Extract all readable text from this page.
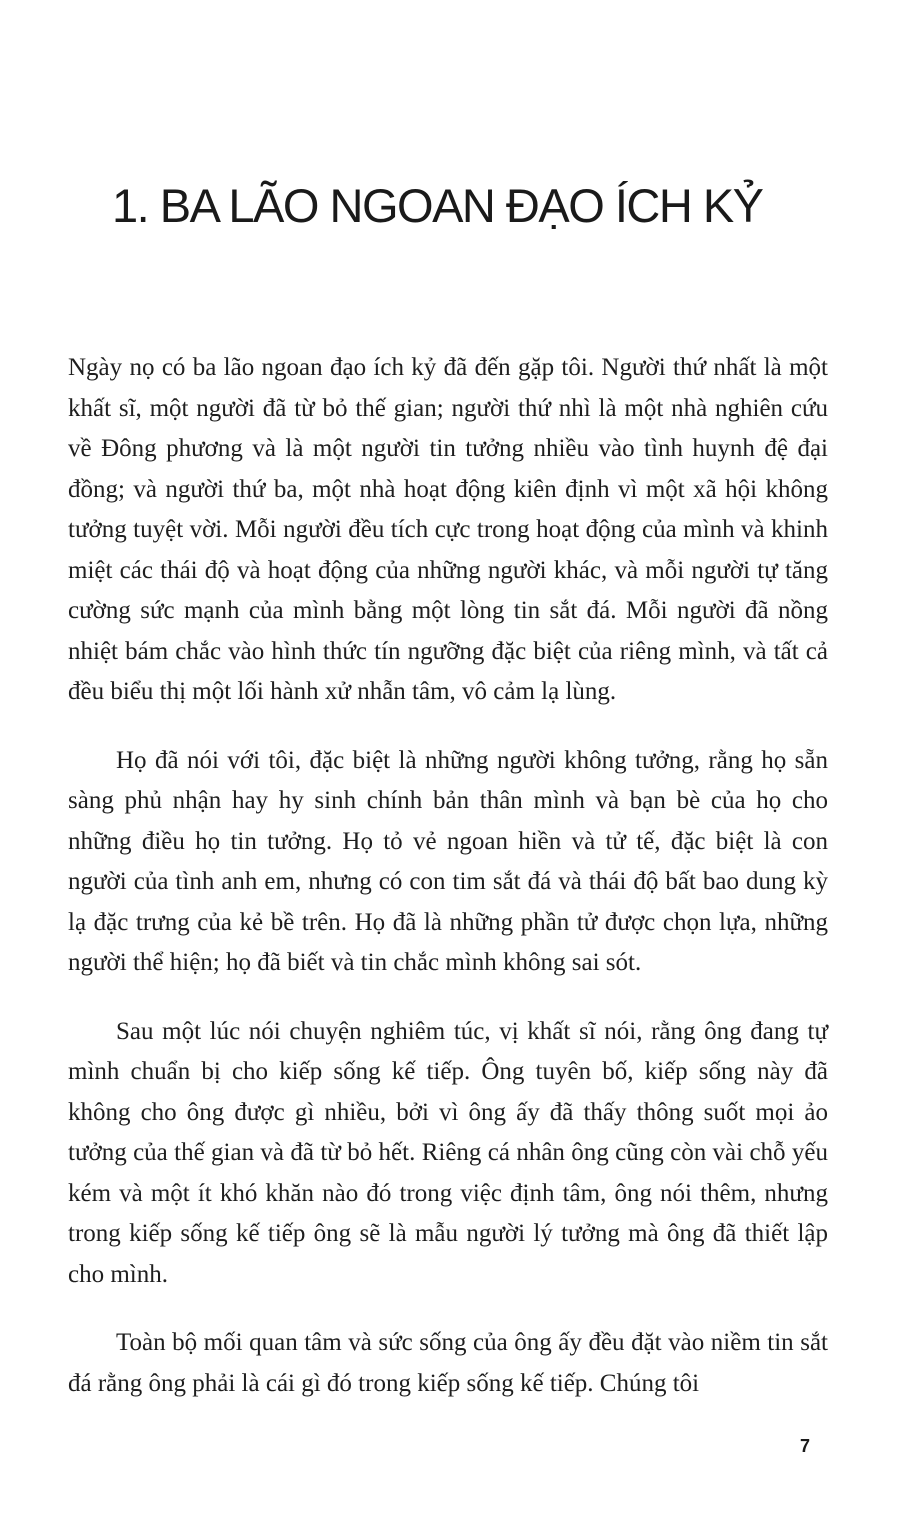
1. BA LÃO NGOAN ĐẠO ÍCH KỶ

Ngày nọ có ba lão ngoan đạo ích kỷ đã đến gặp tôi. Người thứ nhất là một khất sĩ, một người đã từ bỏ thế gian; người thứ nhì là một nhà nghiên cứu về Đông phương và là một người tin tưởng nhiều vào tình huynh đệ đại đồng; và người thứ ba, một nhà hoạt động kiên định vì một xã hội không tưởng tuyệt vời. Mỗi người đều tích cực trong hoạt động của mình và khinh miệt các thái độ và hoạt động của những người khác, và mỗi người tự tăng cường sức mạnh của mình bằng một lòng tin sắt đá. Mỗi người đã nồng nhiệt bám chắc vào hình thức tín ngưỡng đặc biệt của riêng mình, và tất cả đều biểu thị một lối hành xử nhẫn tâm, vô cảm lạ lùng.

Họ đã nói với tôi, đặc biệt là những người không tưởng, rằng họ sẵn sàng phủ nhận hay hy sinh chính bản thân mình và bạn bè của họ cho những điều họ tin tưởng. Họ tỏ vẻ ngoan hiền và tử tế, đặc biệt là con người của tình anh em, nhưng có con tim sắt đá và thái độ bất bao dung kỳ lạ đặc trưng của kẻ bề trên. Họ đã là những phần tử được chọn lựa, những người thể hiện; họ đã biết và tin chắc mình không sai sót.

Sau một lúc nói chuyện nghiêm túc, vị khất sĩ nói, rằng ông đang tự mình chuẩn bị cho kiếp sống kế tiếp. Ông tuyên bố, kiếp sống này đã không cho ông được gì nhiều, bởi vì ông ấy đã thấy thông suốt mọi ảo tưởng của thế gian và đã từ bỏ hết. Riêng cá nhân ông cũng còn vài chỗ yếu kém và một ít khó khăn nào đó trong việc định tâm, ông nói thêm, nhưng trong kiếp sống kế tiếp ông sẽ là mẫu người lý tưởng mà ông đã thiết lập cho mình.

Toàn bộ mối quan tâm và sức sống của ông ấy đều đặt vào niềm tin sắt đá rằng ông phải là cái gì đó trong kiếp sống kế tiếp. Chúng tôi

7
